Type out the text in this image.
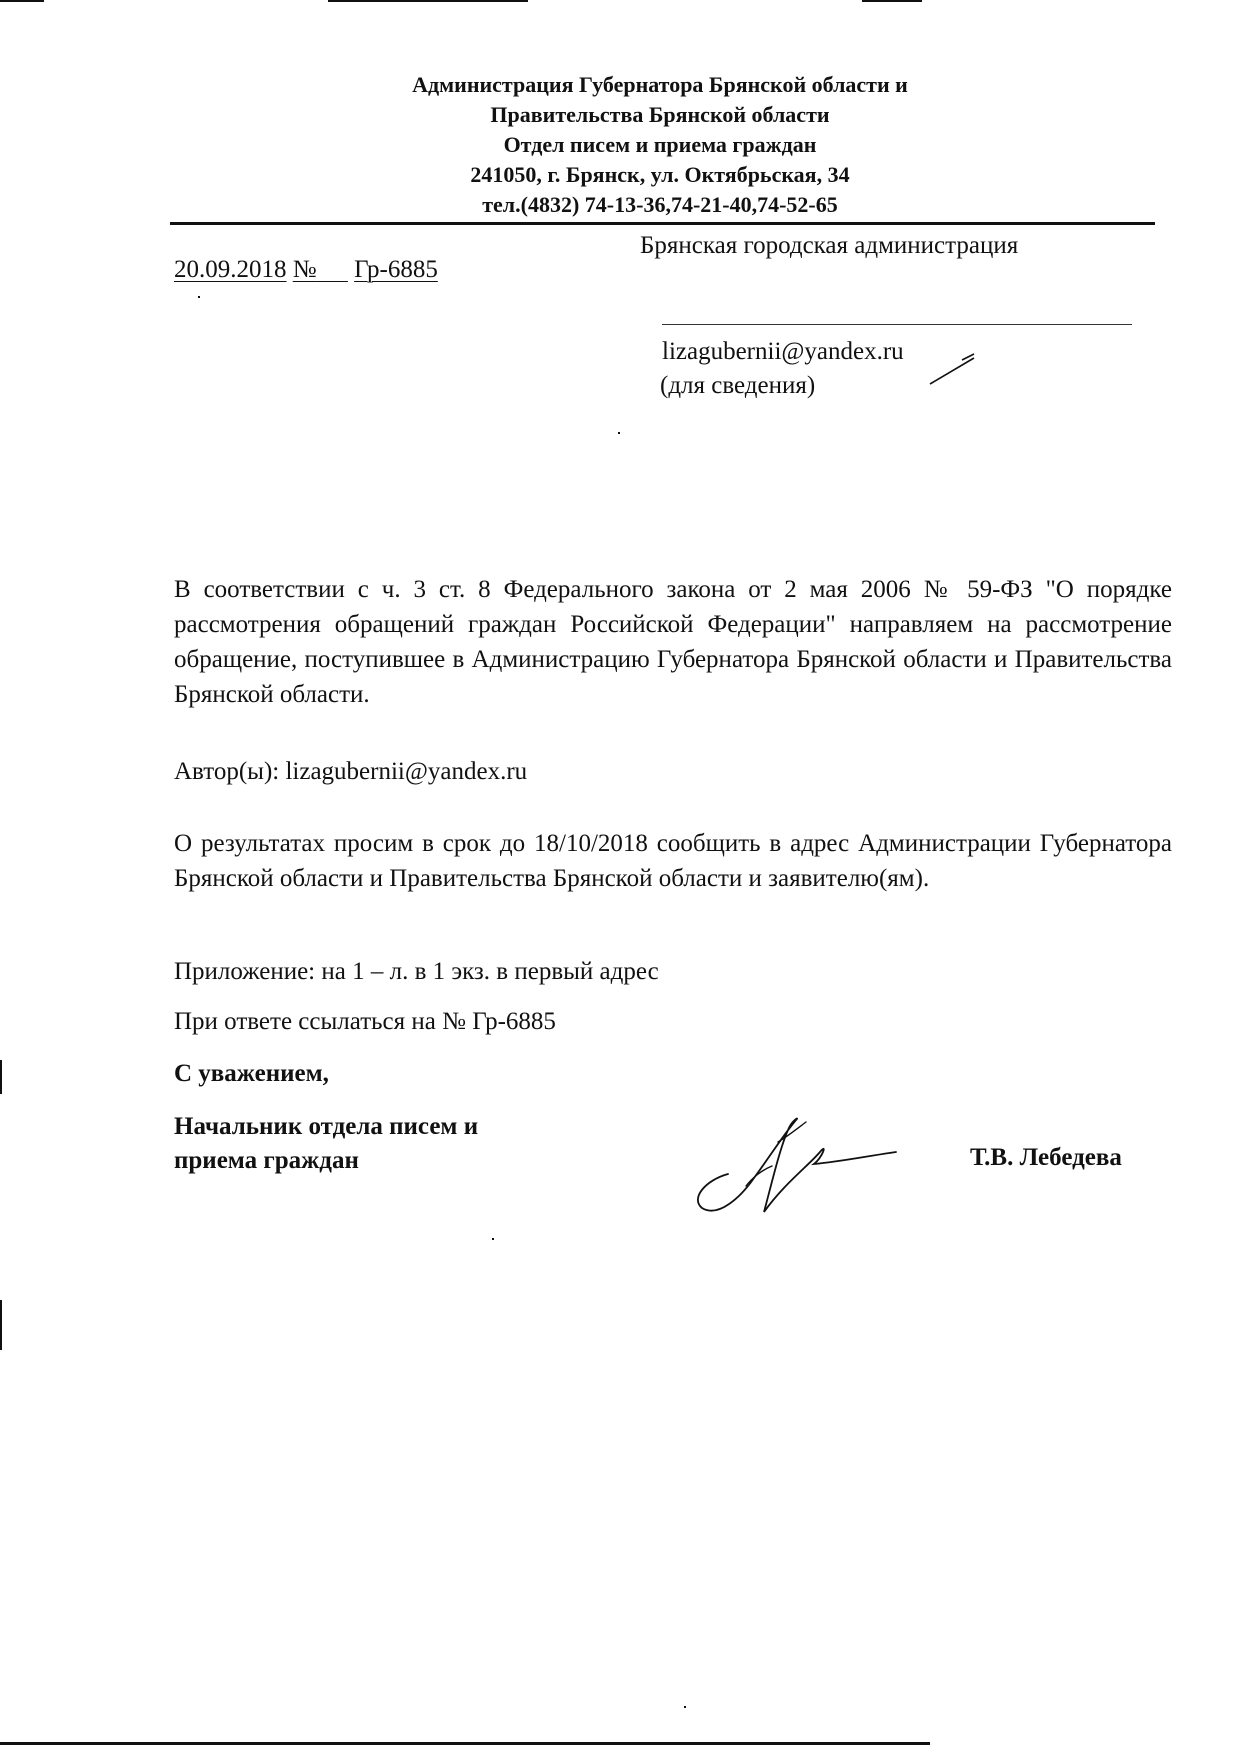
Администрация Губернатора Брянской области и
Правительства Брянской области
Отдел писем и приема граждан
241050, г. Брянск, ул. Октябрьская, 34
тел.(4832) 74-13-36,74-21-40,74-52-65
20.09.2018 № Гр-6885
Брянская городская администрация
lizagubernii@yandex.ru
(для сведения)
В соответствии с ч. 3 ст. 8 Федерального закона от 2 мая 2006 № 59-ФЗ "О порядке рассмотрения обращений граждан Российской Федерации" направляем на рассмотрение обращение, поступившее в Администрацию Губернатора Брянской области и Правительства Брянской области.
Автор(ы): lizagubernii@yandex.ru
О результатах просим в срок до 18/10/2018 сообщить в адрес Администрации Губернатора Брянской области и Правительства Брянской области и заявителю(ям).
Приложение: на 1 – л. в 1 экз. в первый адрес
При ответе ссылаться на № Гр-6885
С уважением,
Начальник отдела писем и
приема граждан	Т.В. Лебедева
